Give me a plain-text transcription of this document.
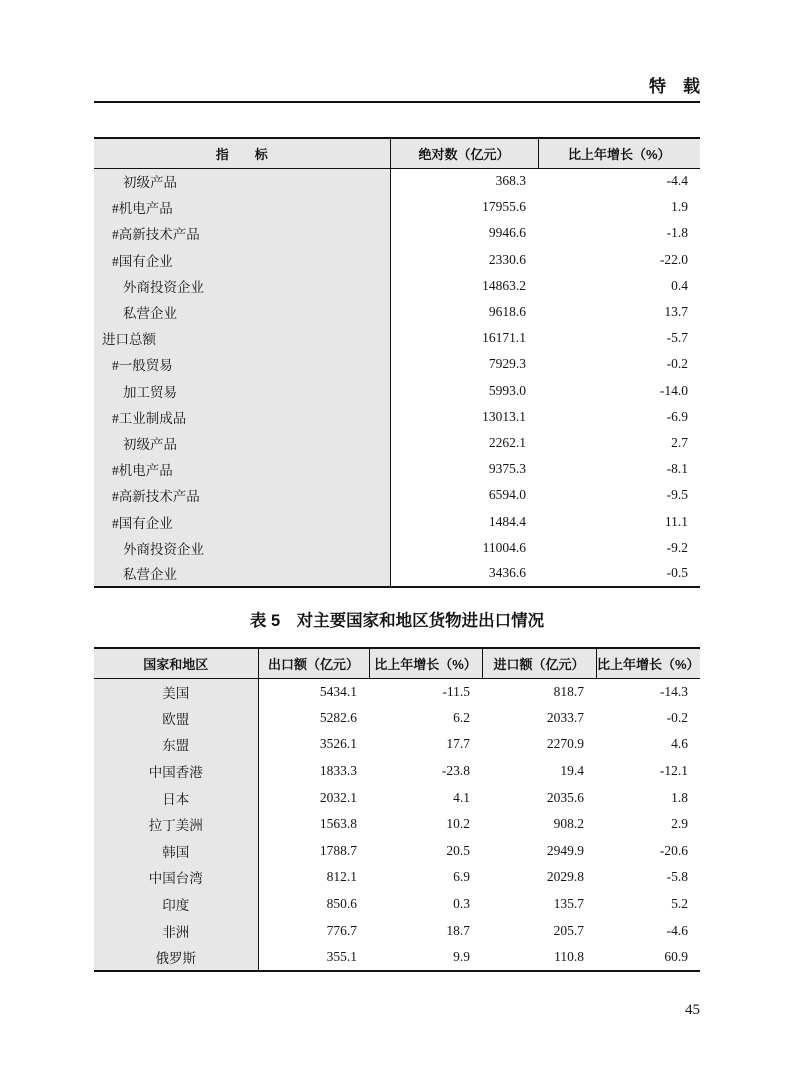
特　载
指　　标	绝对数（亿元）	比上年增长（%）
初级产品	368.3	-4.4
#机电产品	17955.6	1.9
#高新技术产品	9946.6	-1.8
#国有企业	2330.6	-22.0
外商投资企业	14863.2	0.4
私营企业	9618.6	13.7
进口总额	16171.1	-5.7
#一般贸易	7929.3	-0.2
加工贸易	5993.0	-14.0
#工业制成品	13013.1	-6.9
初级产品	2262.1	2.7
#机电产品	9375.3	-8.1
#高新技术产品	6594.0	-9.5
#国有企业	1484.4	11.1
外商投资企业	11004.6	-9.2
私营企业	3436.6	-0.5
表 5　对主要国家和地区货物进出口情况
国家和地区	出口额（亿元）	比上年增长（%）	进口额（亿元）	比上年增长（%）
美国	5434.1	-11.5	818.7	-14.3
欧盟	5282.6	6.2	2033.7	-0.2
东盟	3526.1	17.7	2270.9	4.6
中国香港	1833.3	-23.8	19.4	-12.1
日本	2032.1	4.1	2035.6	1.8
拉丁美洲	1563.8	10.2	908.2	2.9
韩国	1788.7	20.5	2949.9	-20.6
中国台湾	812.1	6.9	2029.8	-5.8
印度	850.6	0.3	135.7	5.2
非洲	776.7	18.7	205.7	-4.6
俄罗斯	355.1	9.9	110.8	60.9
45
